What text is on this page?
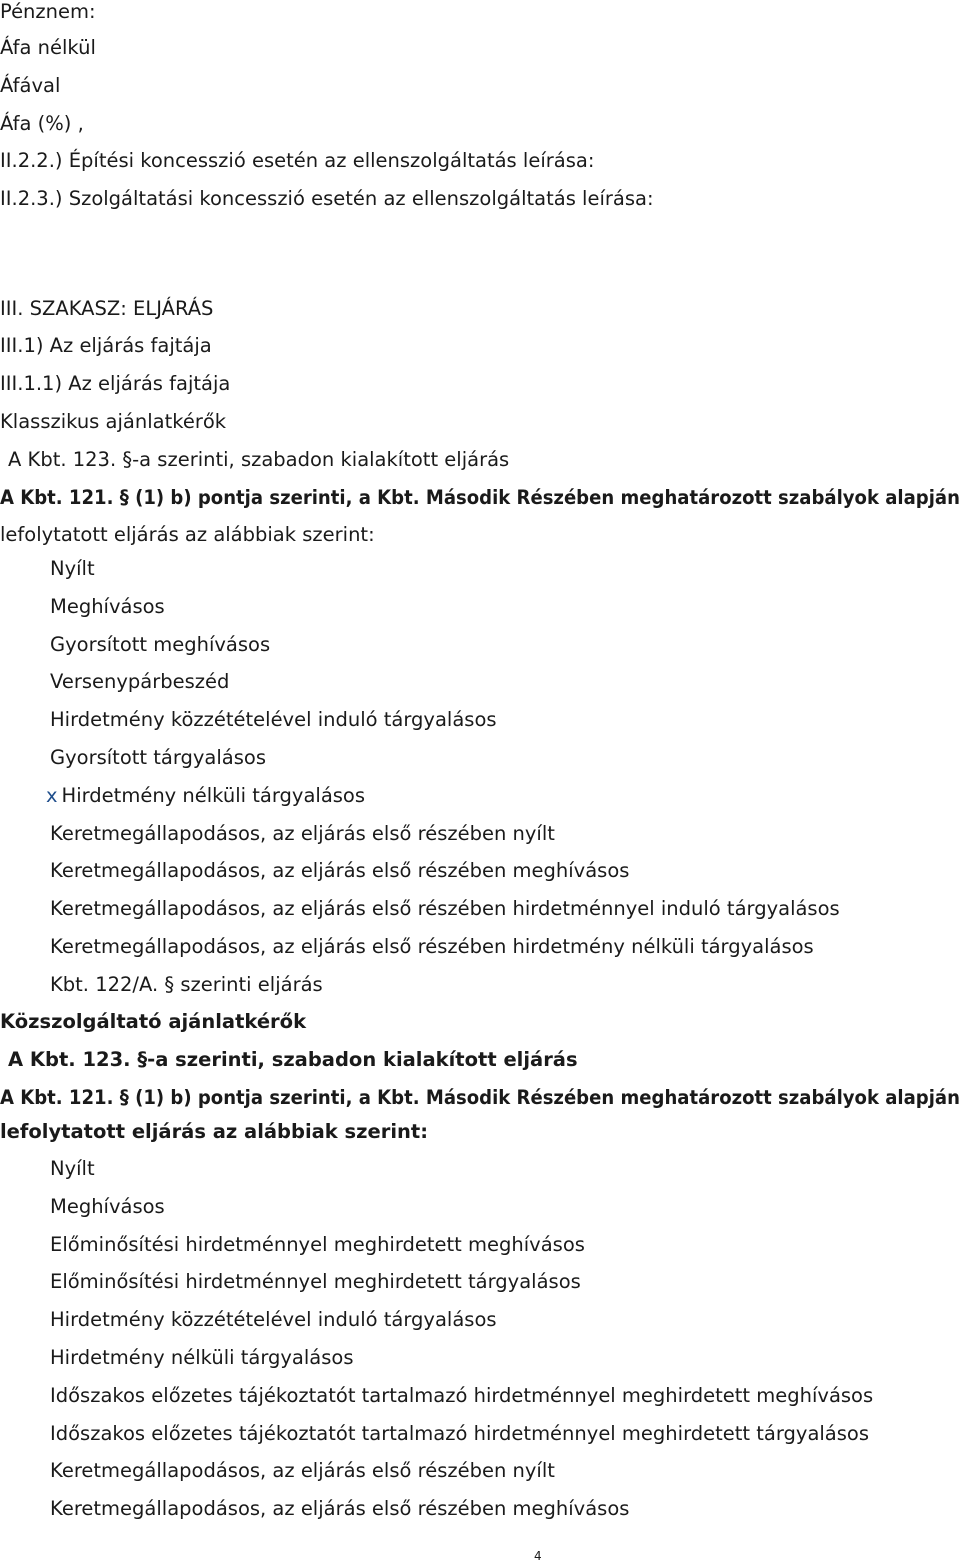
Pénznem:
Áfa nélkül
Áfával
Áfa (%) ,
II.2.2.) Építési koncesszió esetén az ellenszolgáltatás leírása:
II.2.3.) Szolgáltatási koncesszió esetén az ellenszolgáltatás leírása:
III. SZAKASZ: ELJÁRÁS
III.1) Az eljárás fajtája
III.1.1) Az eljárás fajtája
Klasszikus ajánlatkérők
A Kbt. 123. §-a szerinti, szabadon kialakított eljárás
A Kbt. 121. § (1) b) pontja szerinti, a Kbt. Második Részében meghatározott szabályok alapján
lefolytatott eljárás az alábbiak szerint:
Nyílt
Meghívásos
Gyorsított meghívásos
Versenypárbeszéd
Hirdetmény közzétételével induló tárgyalásos
Gyorsított tárgyalásos
x Hirdetmény nélküli tárgyalásos
Keretmegállapodásos, az eljárás első részében nyílt
Keretmegállapodásos, az eljárás első részében meghívásos
Keretmegállapodásos, az eljárás első részében hirdetménnyel induló tárgyalásos
Keretmegállapodásos, az eljárás első részében hirdetmény nélküli tárgyalásos
Kbt. 122/A. § szerinti eljárás
Közszolgáltató ajánlatkérők
A Kbt. 123. §-a szerinti, szabadon kialakított eljárás
A Kbt. 121. § (1) b) pontja szerinti, a Kbt. Második Részében meghatározott szabályok alapján
lefolytatott eljárás az alábbiak szerint:
Nyílt
Meghívásos
Előminősítési hirdetménnyel meghirdetett meghívásos
Előminősítési hirdetménnyel meghirdetett tárgyalásos
Hirdetmény közzétételével induló tárgyalásos
Hirdetmény nélküli tárgyalásos
Időszakos előzetes tájékoztatót tartalmazó hirdetménnyel meghirdetett meghívásos
Időszakos előzetes tájékoztatót tartalmazó hirdetménnyel meghirdetett tárgyalásos
Keretmegállapodásos, az eljárás első részében nyílt
Keretmegállapodásos, az eljárás első részében meghívásos
4
